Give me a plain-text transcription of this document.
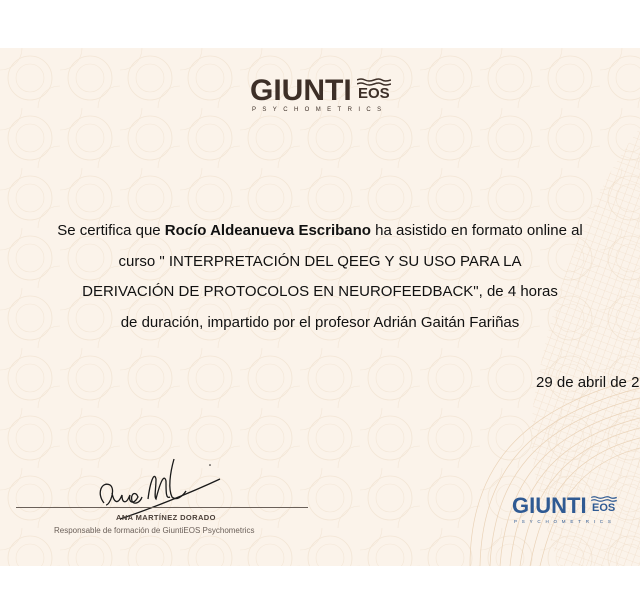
GIUNTI EOS
PSYCHOMETRICS
Se certifica que Rocío Aldeanueva Escribano ha asistido en formato online al
curso " INTERPRETACIÓN DEL QEEG Y SU USO PARA LA
DERIVACIÓN DE PROTOCOLOS EN NEUROFEEDBACK", de 4 horas
de duración, impartido por el profesor Adrián Gaitán Fariñas
29 de abril de 2
ANA MARTÍNEZ DORADO
Responsable de formación de GiuntiEOS Psychometrics
GIUNTI EOS
PSYCHOMETRICS
